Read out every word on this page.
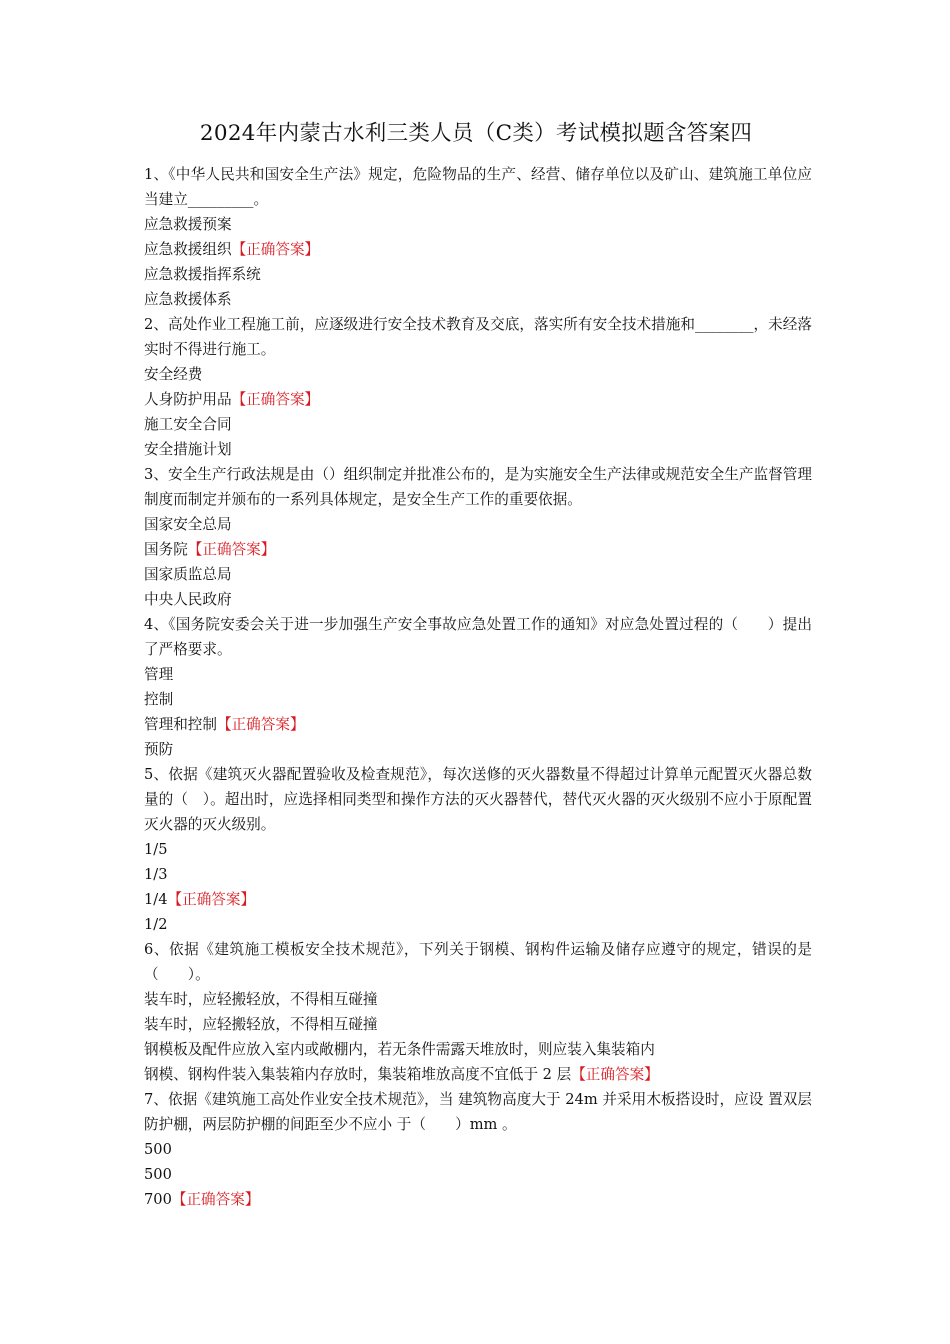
2024年内蒙古水利三类人员（C类）考试模拟题含答案四

1、《中华人民共和国安全生产法》规定，危险物品的生产、经营、储存单位以及矿山、建筑施工单位应当建立_________。

应急救援预案

应急救援组织【正确答案】

应急救援指挥系统

应急救援体系

2、高处作业工程施工前，应逐级进行安全技术教育及交底，落实所有安全技术措施和________，未经落实时不得进行施工。

安全经费

人身防护用品【正确答案】

施工安全合同

安全措施计划

3、安全生产行政法规是由（）组织制定并批准公布的，是为实施安全生产法律或规范安全生产监督管理制度而制定并颁布的一系列具体规定，是安全生产工作的重要依据。

国家安全总局

国务院【正确答案】

国家质监总局

中央人民政府

4、《国务院安委会关于进一步加强生产安全事故应急处置工作的通知》对应急处置过程的（　　）提出了严格要求。

管理

控制

管理和控制【正确答案】

预防

5、依据《建筑灭火器配置验收及检查规范》，每次送修的灭火器数量不得超过计算单元配置灭火器总数量的（　）。超出时，应选择相同类型和操作方法的灭火器替代，替代灭火器的灭火级别不应小于原配置灭火器的灭火级别。

1/5

1/3

1/4【正确答案】

1/2

6、依据《建筑施工模板安全技术规范》，下列关于钢模、钢构件运输及储存应遵守的规定，错误的是（　　）。

装车时，应轻搬轻放，不得相互碰撞

装车时，应轻搬轻放，不得相互碰撞

钢模板及配件应放入室内或敞棚内，若无条件需露天堆放时，则应装入集装箱内

钢模、钢构件装入集装箱内存放时，集装箱堆放高度不宜低于 2 层【正确答案】

7、依据《建筑施工高处作业安全技术规范》，当 建筑物高度大于 24m 并采用木板搭设时，应设 置双层防护棚，两层防护棚的间距至少不应小 于（　　）mm 。

500

500

700【正确答案】
